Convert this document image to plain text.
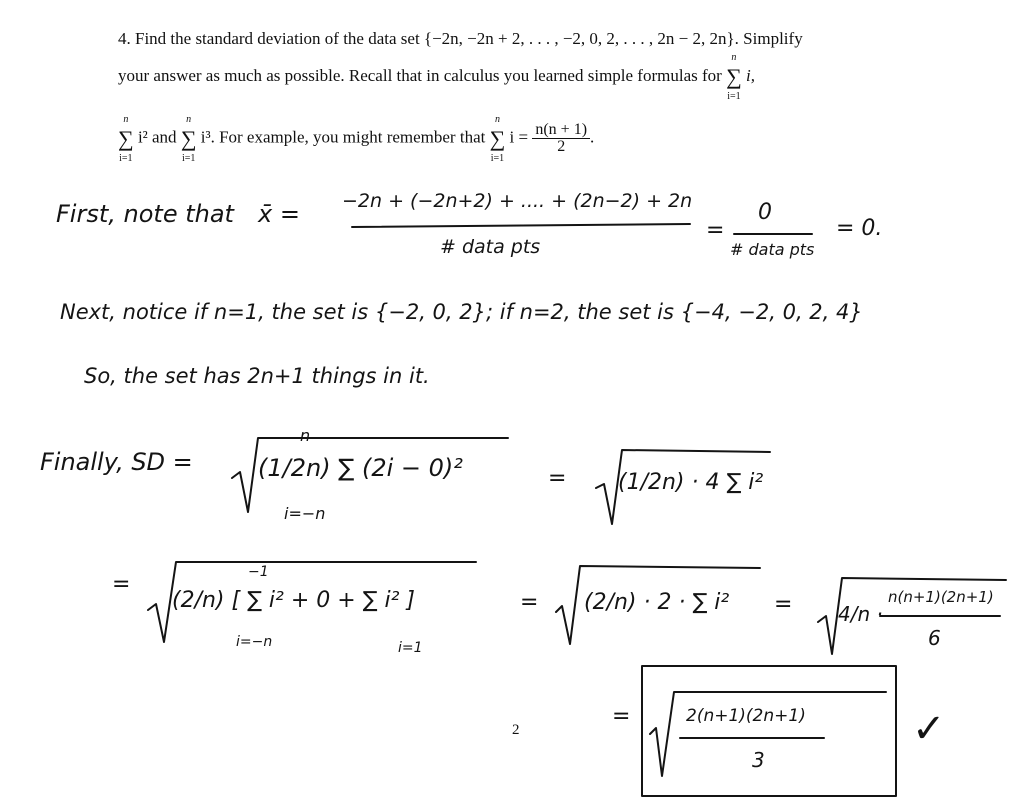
4. Find the standard deviation of the data set {−2n, −2n + 2, . . . , −2, 0, 2, . . . , 2n − 2, 2n}. Simplify
your answer as much as possible. Recall that in calculus you learned simple formulas for
n
∑
i=1
i,
n
∑
i=1
i² and
n
∑
i=1
i³. For example, you might remember that
n
∑
i=1
$i = \frac{n(n + 1)}{2}$ .
First, note that x̄ = −2n + (−2n+2) + .... + (2n−2) + 2n
# data pts
=
0
# data pts
= 0.
Next, notice if n=1, the set is {−2, 0, 2}; if n=2, the set is {−4, −2, 0, 2, 4}
So, the set has 2n+1 things in it.
Finally, SD =	(1/2n) ∑ (2i − 0)²
n
i=−n
= (1/2n) · 4 ∑ i²
=
(2/n) [ ∑ i² + 0 + ∑ i² ]
−1
i=−n	i=1
= (2/n) · 2 · ∑ i² = 4/n ·
n(n+1)(2n+1)
6
=	2(n+1)(2n+1)
3
✓
2
